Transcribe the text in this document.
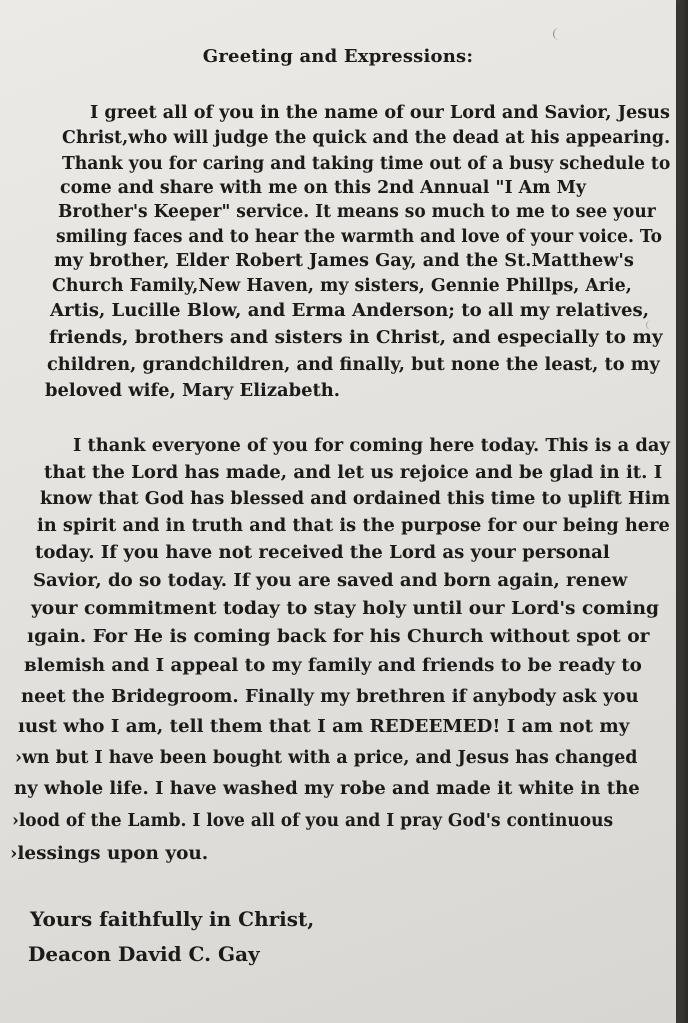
Greeting and Expressions:

I greet all of you in the name of our Lord and Savior, Jesus

Christ,who will judge the quick and the dead at his appearing.

Thank you for caring and taking time out of a busy schedule to

come and share with me on this 2nd Annual "I Am My

Brother's Keeper" service. It means so much to me to see your

smiling faces and to hear the warmth and love of your voice. To

my brother, Elder Robert James Gay, and the St.Matthew's

Church Family,New Haven, my sisters, Gennie Phillps, Arie,

Artis, Lucille Blow, and Erma Anderson; to all my relatives,

friends, brothers and sisters in Christ, and especially to my

children, grandchildren, and finally, but none the least, to my

beloved wife, Mary Elizabeth.

I thank everyone of you for coming here today. This is a day

that the Lord has made, and let us rejoice and be glad in it. I

know that God has blessed and ordained this time to uplift Him

in spirit and in truth and that is the purpose for our being here

today. If you have not received the Lord as your personal

Savior, do so today. If you are saved and born again, renew

your commitment today to stay holy until our Lord's coming

ıgain. For He is coming back for his Church without spot or

ʙlemish and I appeal to my family and friends to be ready to

neet the Bridegroom. Finally my brethren if anybody ask you

ıust who I am, tell them that I am REDEEMED! I am not my

›wn but I have been bought with a price, and Jesus has changed

ny whole life. I have washed my robe and made it white in the

›lood of the Lamb. I love all of you and I pray God's continuous

›lessings upon you.

Yours faithfully in Christ,

Deacon David C. Gay
